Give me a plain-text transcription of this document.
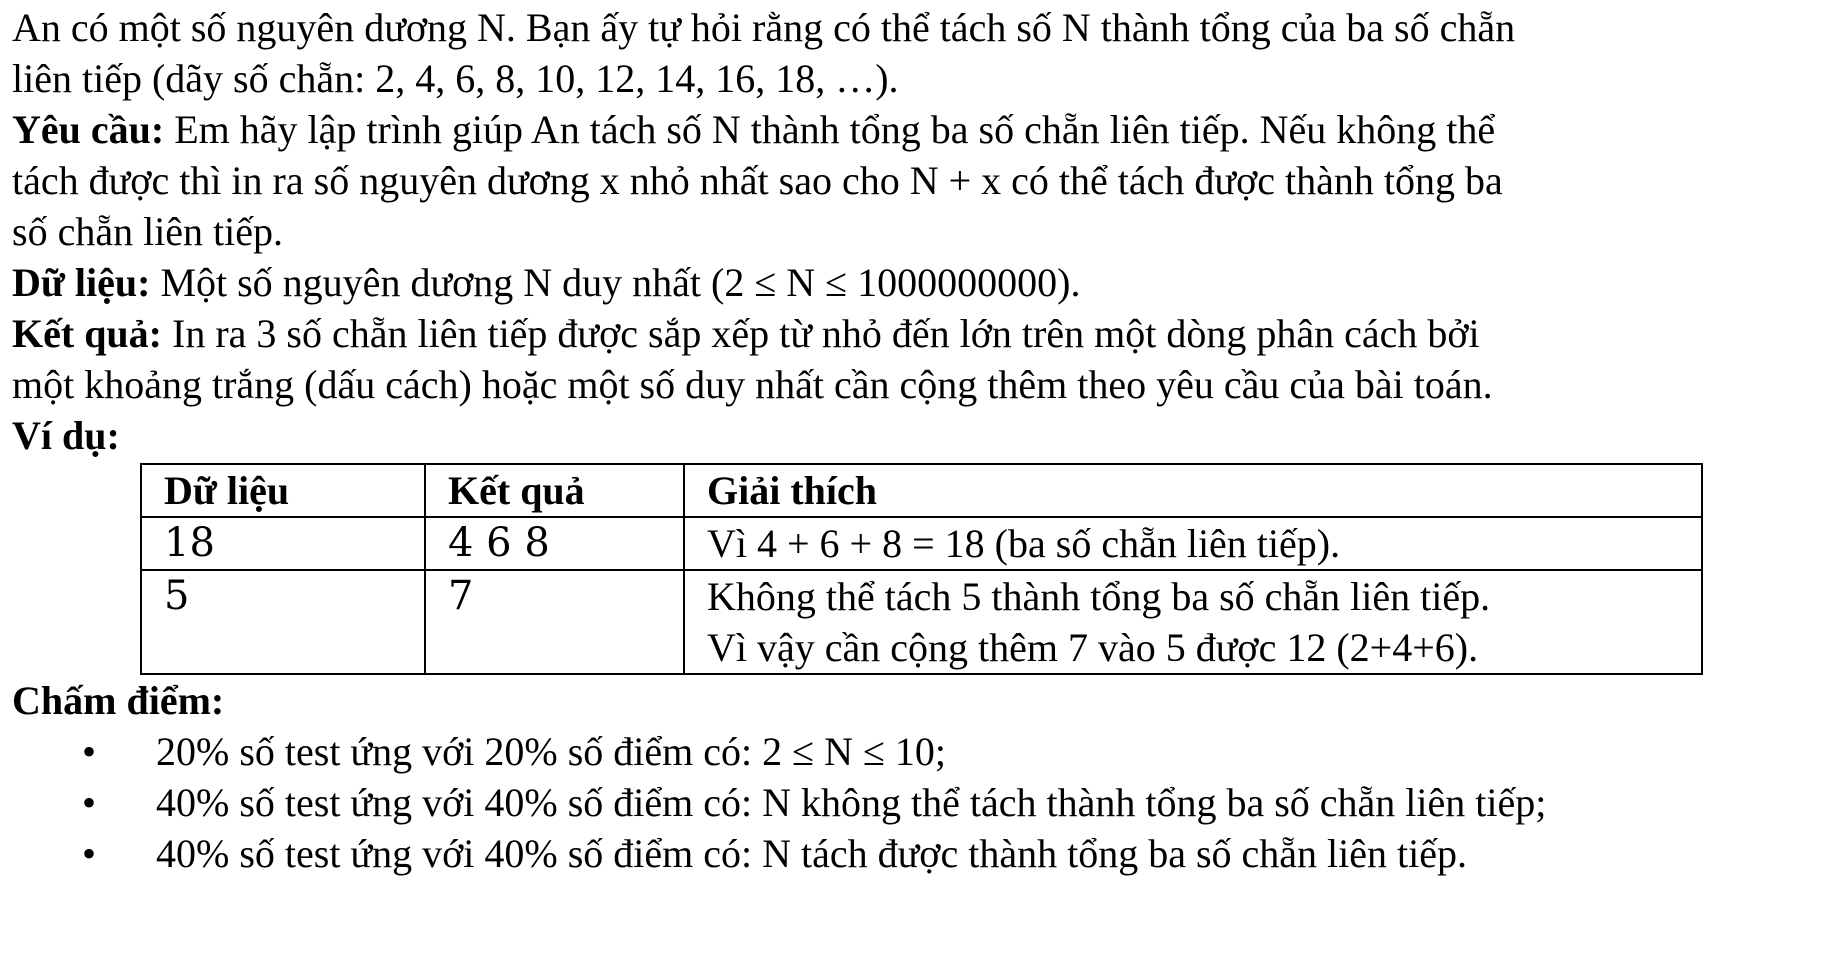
An có một số nguyên dương N. Bạn ấy tự hỏi rằng có thể tách số N thành tổng của ba số chẵn

liên tiếp (dãy số chẵn: 2, 4, 6, 8, 10, 12, 14, 16, 18, …).

Yêu cầu: Em hãy lập trình giúp An tách số N thành tổng ba số chẵn liên tiếp. Nếu không thể

tách được thì in ra số nguyên dương x nhỏ nhất sao cho N + x có thể tách được thành tổng ba

số chẵn liên tiếp.

Dữ liệu: Một số nguyên dương N duy nhất (2 ≤ N ≤ 1000000000).

Kết quả: In ra 3 số chẵn liên tiếp được sắp xếp từ nhỏ đến lớn trên một dòng phân cách bởi

một khoảng trắng (dấu cách) hoặc một số duy nhất cần cộng thêm theo yêu cầu của bài toán.

Ví dụ:

Dữ liệu	Kết quả	Giải thích
18	4 6 8	Vì 4 + 6 + 8 = 18 (ba số chẵn liên tiếp).

5	7	Không thể tách 5 thành tổng ba số chẵn liên tiếp.
Vì vậy cần cộng thêm 7 vào 5 được 12 (2+4+6).

Chấm điểm:

• 20% số test ứng với 20% số điểm có: 2 ≤ N ≤ 10;
• 40% số test ứng với 40% số điểm có: N không thể tách thành tổng ba số chẵn liên tiếp;
• 40% số test ứng với 40% số điểm có: N tách được thành tổng ba số chẵn liên tiếp.
